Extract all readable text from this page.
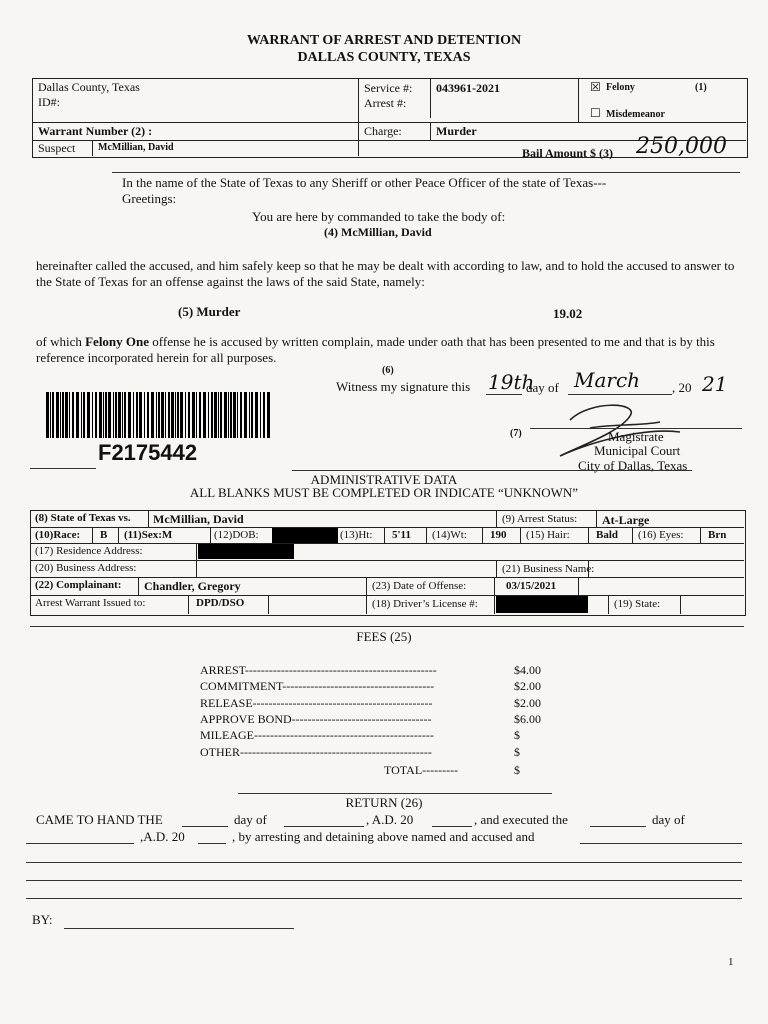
WARRANT OF ARREST AND DETENTION
DALLAS COUNTY, TEXAS
Dallas County, Texas
ID#:
Warrant Number (2) :
Suspect McMillian, David
Service #: 043961-2021
Arrest #:
Charge:	Murder
☒ Felony	(1)
☐ Misdemeanor
Bail Amount $ (3) 250,000
In the name of the State of Texas to any Sheriff or other Peace Officer of the state of Texas---
Greetings:
You are here by commanded to take the body of:
(4) McMillian, David
hereinafter called the accused, and him safely keep so that he may be dealt with according to law, and to hold the accused to answer to the State of Texas for an offense against the laws of the said State, namely:
(5) Murder	19.02
of which Felony One offense he is accused by written complain, made under oath that has been presented to me and that is by this reference incorporated herein for all purposes.
(6)
Witness my signature this 19th
day of March , 20 21
F2175442
(7)	Magistrate
Municipal Court
City of Dallas, Texas
ADMINISTRATIVE DATA
ALL BLANKS MUST BE COMPLETED OR INDICATE “UNKNOWN”
(8) State of Texas vs. McMillian, David	(9) Arrest Status: At-Large
(10)Race: B (11)Sex:M	(12)DOB:	(13)Ht: 5'11 (14)Wt: 190 (15) Hair: Bald (16) Eyes: Brn
(17) Residence Address:
(20) Business Address:	(21) Business Name:
(22) Complainant: Chandler, Gregory	(23) Date of Offense:	03/15/2021
Arrest Warrant Issued to:	DPD/DSO	(18) Driver’s License #:	(19) State:
FEES (25)
ARREST------------------------------------------------	$4.00
COMMITMENT--------------------------------------	$2.00
RELEASE---------------------------------------------	$2.00
APPROVE BOND-----------------------------------	$6.00
MILEAGE---------------------------------------------	$
OTHER------------------------------------------------	$
TOTAL---------	$
RETURN (26)
CAME TO HAND THE	day of	, A.D. 20	, and executed the	day of
,A.D. 20	, by arresting and detaining above named and accused and
BY:
1
